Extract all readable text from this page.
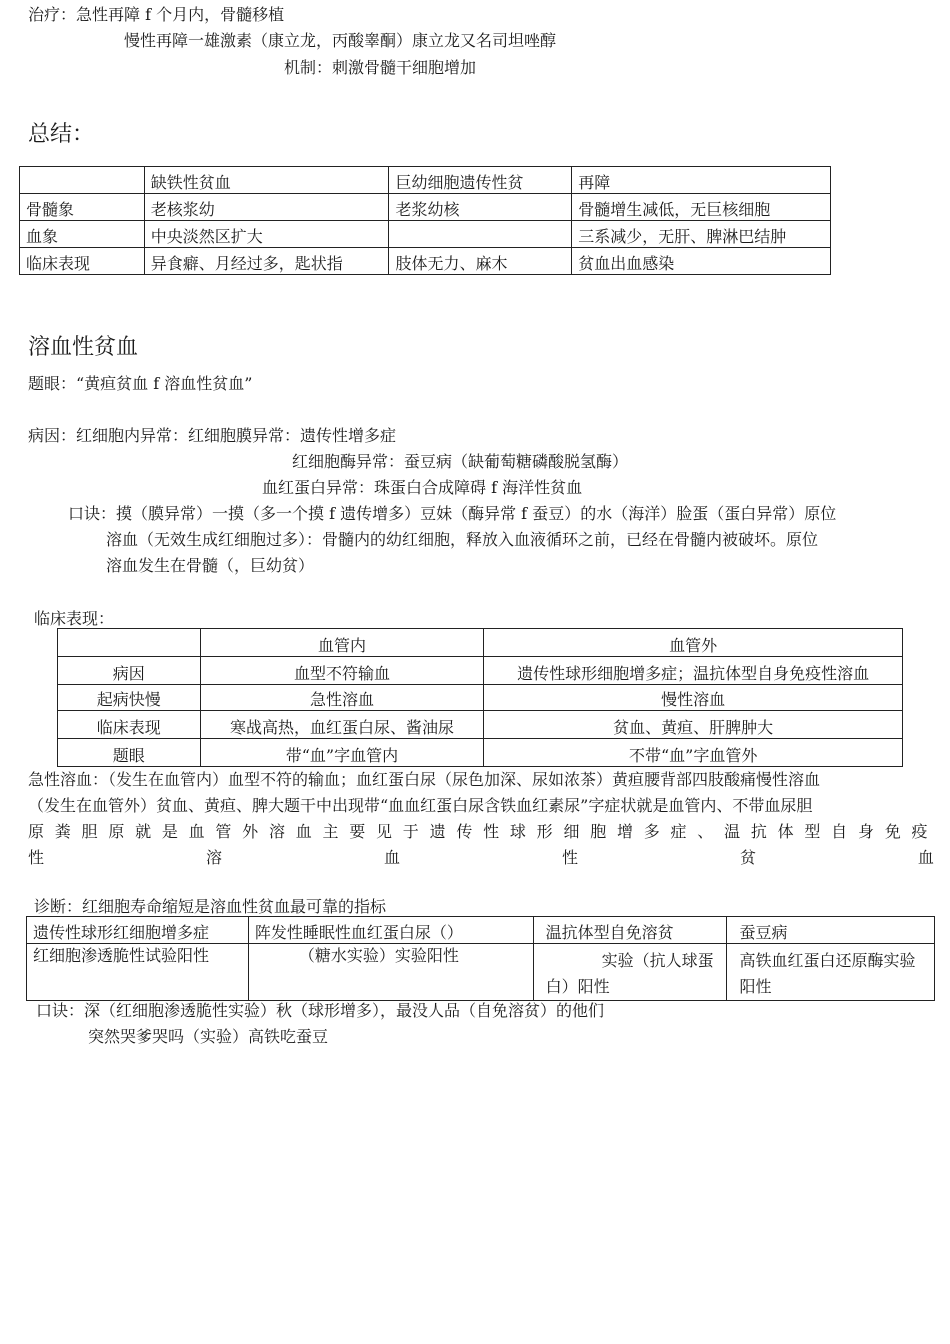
治疗：急性再障 f 个月内，骨髓移植
慢性再障一雄激素（康立龙，丙酸睾酮）康立龙又名司坦唑醇
机制：刺激骨髓干细胞增加
总结：
	缺铁性贫血	巨幼细胞遗传性贫	再障
骨髓象	老核浆幼	老浆幼核	骨髓增生减低，无巨核细胞
血象	中央淡然区扩大		三系减少，无肝、脾淋巴结肿
临床表现	异食癖、月经过多，匙状指	肢体无力、麻木	贫血出血感染
溶血性贫血
题眼：“黄疸贫血 f 溶血性贫血”
病因：红细胞内异常：红细胞膜异常：遗传性增多症
红细胞酶异常：蚕豆病（缺葡萄糖磷酸脱氢酶）
血红蛋白异常：珠蛋白合成障碍 f 海洋性贫血
口诀：摸（膜异常）一摸（多一个摸 f 遗传增多）豆妹（酶异常 f 蚕豆）的水（海洋）脸蛋（蛋白异常）原位
溶血（无效生成红细胞过多）：骨髓内的幼红细胞，释放入血液循环之前，已经在骨髓内被破坏。原位
溶血发生在骨髓（，巨幼贫）
临床表现：
	血管内	血管外
病因	血型不符输血	遗传性球形细胞增多症；温抗体型自身免疫性溶血
起病快慢	急性溶血	慢性溶血
临床表现	寒战高热，血红蛋白尿、酱油尿	贫血、黄疸、肝脾肿大
题眼	带“血”字血管内	不带“血”字血管外
急性溶血：（发生在血管内）血型不符的输血；血红蛋白尿（尿色加深、尿如浓茶）黄疸腰背部四肢酸痛慢性溶血
（发生在血管外）贫血、黄疸、脾大题干中出现带“血血红蛋白尿含铁血红素尿”字症状就是血管内、不带血尿胆
原粪胆原就是血管外溶血主要见于遗传性球形细胞增多症、温抗体型自身免疫
性	溶	血	性	贫	血
诊断：红细胞寿命缩短是溶血性贫血最可靠的指标
遗传性球形红细胞增多症	阵发性睡眠性血红蛋白尿（）	温抗体型自免溶贫	蚕豆病
红细胞渗透脆性试验阳性	（糖水实验）实验阳性	实验（抗人球蛋白）阳性	高铁血红蛋白还原酶实验阳性
口诀：深（红细胞渗透脆性实验）秋（球形增多），最没人品（自免溶贫）的他们
突然哭爹哭吗（实验）高铁吃蚕豆
